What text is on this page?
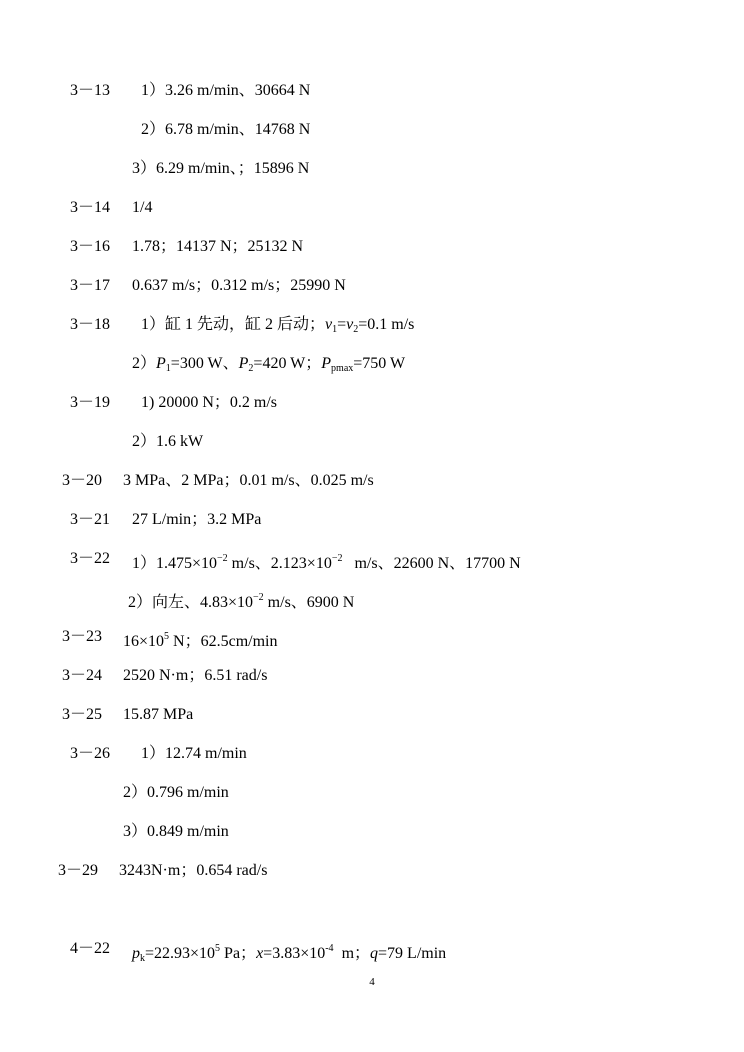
3－13 1）3.26 m/min、30664 N
2）6.78 m/min、14768 N
3）6.29 m/min、；15896 N
3－14 1/4
3－16 1.78；14137 N；25132 N
3－17 0.637 m/s；0.312 m/s；25990 N
3－18 1）缸 1 先动，缸 2 后动；$v_1=v_2=0.1$ m/s
$2)P_1=300$ W、$P_2=420$ W；$P_{pmax}=750$ W
3－19 1) 20000 N；0.2 m/s
2）1.6 kW
3－20 3 MPa、2 MPa；0.01 m/s、0.025 m/s
3－21 27 L/min；3.2 MPa
3－22 $1)1.475\times 10^{-2}$ m/s、$2.123\times 10^{-2}$   m/s、22600 N、17700 N
2）向左、$4.83\times 10^{-2}$ m/s、6900 N
3－23 $16\times 10^5$ N；62.5cm/min
3－24 2520 N·m；6.51 rad/s
3－25 15.87 MPa
3－26 1）12.74 m/min
2）0.796 m/min
3）0.849 m/min
3－29 3243N·m；0.654 rad/s
4－22 $p_k=22.93\times 10^5$ Pa；$x=3.83\times 10^{-4}$  m；q=79 L/min
4
